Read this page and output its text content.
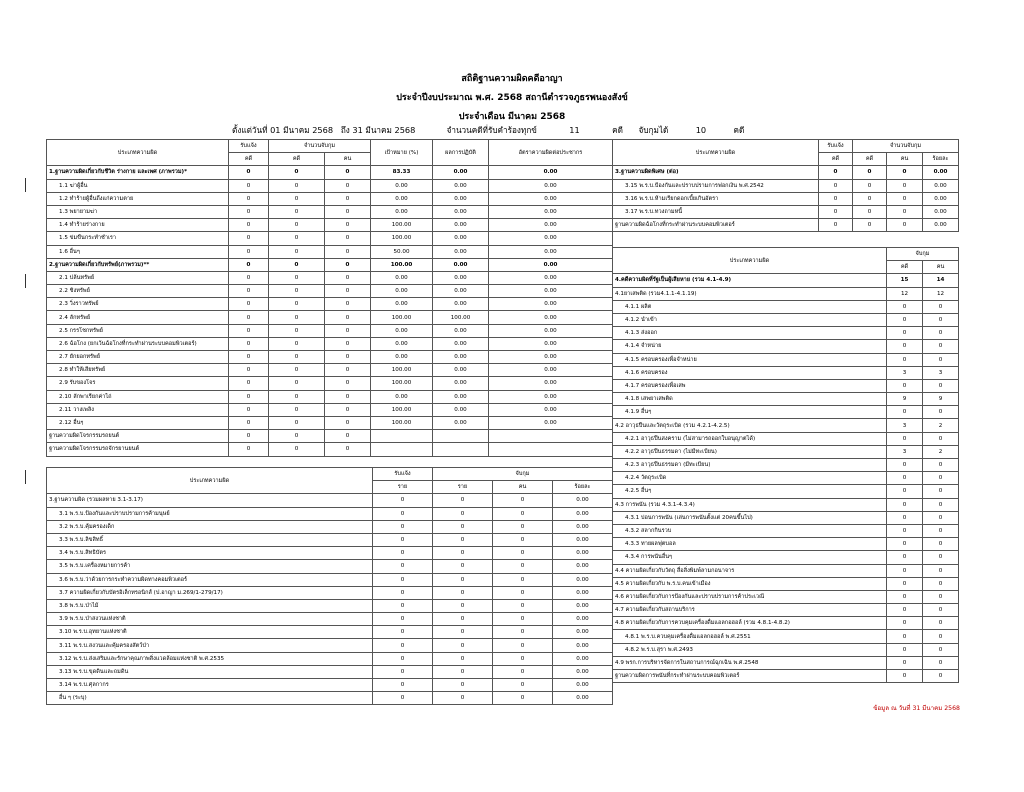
สถิติฐานความผิดคดีอาญา
ประจำปีงบประมาณ พ.ศ. 2568 สถานีตำรวจภูธรพนองสังข์
ประจำเดือน มีนาคม 2568
ตั้งแต่วันที่ 01 มีนาคม 2568 ถึง 31 มีนาคม 2568	จำนวนคดีที่รับคำร้องทุกข์	11	คดี จับกุมได้	10	คดี
ประเภทความผิด	รับแจ้ง	จำนวนจับกุม		เป้าหมาย (%)	ผลการปฏิบัติ	อัตราความผิดต่อประชากร
	คดี	คดี	คน			
1.ฐานความผิดเกี่ยวกับชีวิต ร่างกาย และเพศ (ภาพรวม)*	0	0	0	83.33	0.00	0.00
1.1 ฆ่าผู้อื่น	0	0	0	0.00	0.00	0.00
1.2 ทำร้ายผู้อื่นถึงแก่ความตาย	0	0	0	0.00	0.00	0.00
1.3 พยายามฆ่า	0	0	0	0.00	0.00	0.00
1.4 ทำร้ายร่างกาย	0	0	0	100.00	0.00	0.00
1.5 ข่มขืนกระทำชำเรา	0	0	0	100.00	0.00	0.00
1.6 อื่นๆ	0	0	0	50.00	0.00	0.00
2.ฐานความผิดเกี่ยวกับทรัพย์(ภาพรวม)**	0	0	0	100.00	0.00	0.00
2.1 ปล้นทรัพย์	0	0	0	0.00	0.00	0.00
2.2 ชิงทรัพย์	0	0	0	0.00	0.00	0.00
2.3 วิ่งราวทรัพย์	0	0	0	0.00	0.00	0.00
2.4 ลักทรัพย์	0	0	0	100.00	100.00	0.00
2.5 กรรโชกทรัพย์	0	0	0	0.00	0.00	0.00
2.6 ฉ้อโกง (ยกเว้นฉ้อโกงที่กระทำผ่านระบบคอมพิวเตอร์)	0	0	0	0.00	0.00	0.00
2.7 ยักยอกทรัพย์	0	0	0	0.00	0.00	0.00
2.8 ทำให้เสียทรัพย์	0	0	0	100.00	0.00	0.00
2.9 รับของโจร	0	0	0	100.00	0.00	0.00
2.10 ลักพาเรียกค่าไถ่	0	0	0	0.00	0.00	0.00
2.11 วางเพลิง	0	0	0	100.00	0.00	0.00
2.12 อื่นๆ	0	0	0	100.00	0.00	0.00
ฐานความผิดโจรกรรมรถยนต์	0	0	0			
ฐานความผิดโจรกรรมรถจักรยานยนต์	0	0	0			
ประเภทความผิด	รับแจ้ง	จับกุม		
	ราย	ราย	คน	ร้อยละ
3.ฐานความผิด (รวมผลหาย 3.1-3.17)	0	0	0	0.00
3.1 พ.ร.บ.ป้องกันและปราบปรามการค้ามนุษย์	0	0	0	0.00
3.2 พ.ร.บ.คุ้มครองเด็ก	0	0	0	0.00
3.3 พ.ร.บ.ลิขสิทธิ์	0	0	0	0.00
3.4 พ.ร.บ.สิทธิบัตร	0	0	0	0.00
3.5 พ.ร.บ.เครื่องหมายการค้า	0	0	0	0.00
3.6 พ.ร.บ.ว่าด้วยการกระทำความผิดทางคอมพิวเตอร์	0	0	0	0.00
3.7 ความผิดเกี่ยวกับบัตรอิเล็กทรอนิกส์ (ป.อาญา ม.269/1-279/17)	0	0	0	0.00
3.8 พ.ร.บ.ป่าไม้	0	0	0	0.00
3.9 พ.ร.บ.ป่าสงวนแห่งชาติ	0	0	0	0.00
3.10 พ.ร.บ.อุทยานแห่งชาติ	0	0	0	0.00
3.11 พ.ร.บ.สงวนและคุ้มครองสัตว์ป่า	0	0	0	0.00
3.12 พ.ร.บ.ส่งเสริมและรักษาคุณภาพสิ่งแวดล้อมแห่งชาติ พ.ศ.2535	0	0	0	0.00
3.13 พ.ร.บ.ขุดดินและถมดิน	0	0	0	0.00
3.14 พ.ร.บ.ศุลกากร	0	0	0	0.00
อื่น ๆ (ระบุ)	0	0	0	0.00
ประเภทความผิด	รับแจ้ง	จำนวนจับกุม		
	คดี	คดี	คน	ร้อยละ
3.ฐานความผิดพิเศษ (ต่อ)	0	0	0	0.00
3.15 พ.ร.บ.ป้องกันและปราบปรามการฟอกเงิน พ.ศ.2542	0	0	0	0.00
3.16 พ.ร.บ.ห้ามเรียกดอกเบี้ยเกินอัตรา	0	0	0	0.00
3.17 พ.ร.บ.ทวงถามหนี้	0	0	0	0.00
ฐานความผิดฉ้อโกงที่กระทำผ่านระบบคอมพิวเตอร์	0	0	0	0.00
ประเภทความผิด	จับกุม	
	คดี	คน
4.คดีความผิดที่รัฐเป็นผู้เสียหาย (รวม 4.1-4.9)	15	14
4.1ยาเสพติด (รวม4.1.1-4.1.19)	12	12
4.1.1 ผลิต	0	0
4.1.2 นำเข้า	0	0
4.1.3 ส่งออก	0	0
4.1.4 จำหน่าย	0	0
4.1.5 ครอบครองเพื่อจำหน่าย	0	0
4.1.6 ครอบครอง	3	3
4.1.7 ครอบครองเพื่อเสพ	0	0
4.1.8 เสพยาเสพติด	9	9
4.1.9 อื่นๆ	0	0
4.2 อาวุธปืนและวัตถุระเบิด (รวม 4.2.1-4.2.5)	3	2
4.2.1 อาวุธปืนสงคราม (ไม่สามารถออกใบอนุญาตได้)	0	0
4.2.2 อาวุธปืนธรรมดา (ไม่มีทะเบียน)	3	2
4.2.3 อาวุธปืนธรรมดา (มีทะเบียน)	0	0
4.2.4 วัตถุระเบิด	0	0
4.2.5 อื่นๆ	0	0
4.3 การพนัน (รวม 4.3.1-4.3.4)	0	0
4.3.1 บ่อนการพนัน (เล่นการพนันตั้งแต่ 20คนขึ้นไป)	0	0
4.3.2 สลากกินรวบ	0	0
4.3.3 ทายผลฟุตบอล	0	0
4.3.4 การพนันอื่นๆ	0	0
4.4 ความผิดเกี่ยวกับวัตถุ สื่อสิ่งพิมพ์ลามกอนาจาร	0	0
4.5 ความผิดเกี่ยวกับ พ.ร.บ.คนเข้าเมือง	0	0
4.6 ความผิดเกี่ยวกับการป้องกันและปราบปรามการค้าประเวณี	0	0
4.7 ความผิดเกี่ยวกับสถานบริการ	0	0
4.8 ความผิดเกี่ยวกับการควบคุมเครื่องดื่มแอลกอฮอล์ (รวม 4.8.1-4.8.2)	0	0
4.8.1 พ.ร.บ.ควบคุมเครื่องดื่มแอลกอฮอล์ พ.ศ.2551	0	0
4.8.2 พ.ร.บ.สุรา พ.ศ.2493	0	0
4.9 พรก.การบริหารจัดการในสถานการณ์ฉุกเฉิน พ.ศ.2548	0	0
ฐานความผิดการพนันที่กระทำผ่านระบบคอมพิวเตอร์	0	0
ข้อมูล ณ วันที่ 31 มีนาคม 2568
